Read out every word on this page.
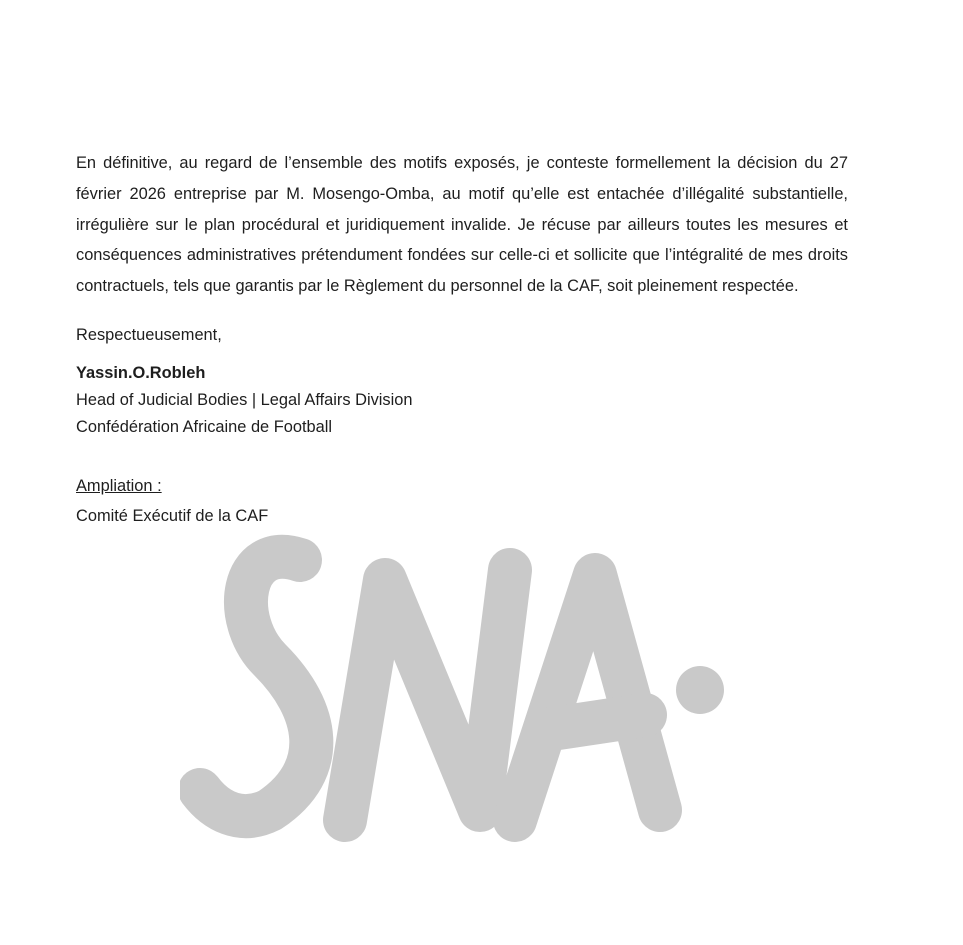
En définitive, au regard de l’ensemble des motifs exposés, je conteste formellement la décision du 27 février 2026 entreprise par M. Mosengo-Omba, au motif qu’elle est entachée d’illégalité substantielle, irrégulière sur le plan procédural et juridiquement invalide. Je récuse par ailleurs toutes les mesures et conséquences administratives prétendument fondées sur celle-ci et sollicite que l’intégralité de mes droits contractuels, tels que garantis par le Règlement du personnel de la CAF, soit pleinement respectée.

Respectueusement,
Yassin.O.Robleh
Head of Judicial Bodies | Legal Affairs Division
Confédération Africaine de Football
Ampliation :
Comité Exécutif de la CAF
